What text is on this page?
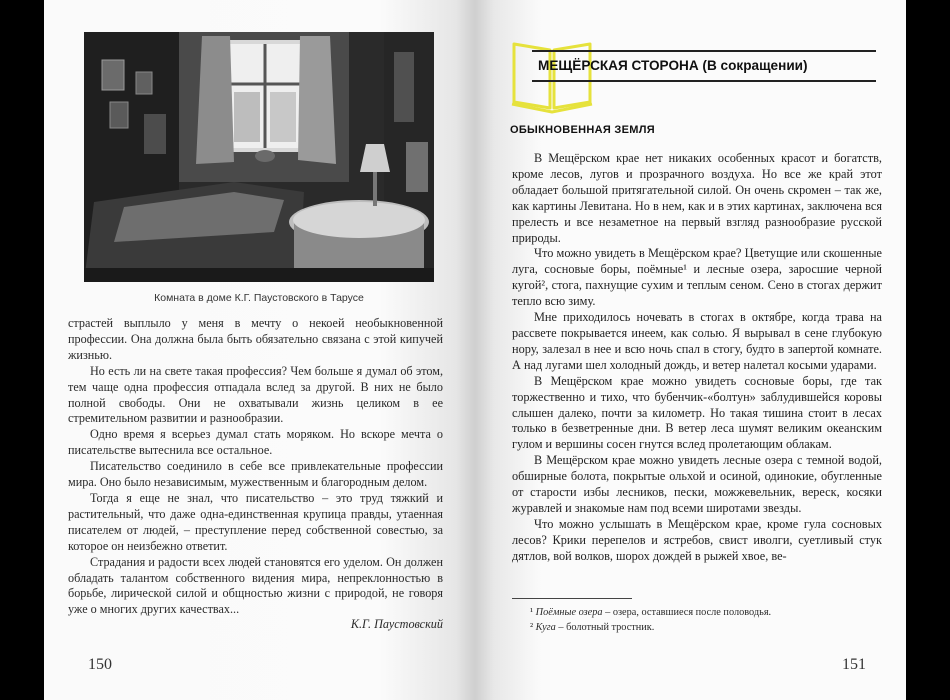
Комната в доме К.Г. Паустовского в Тарусе

страстей выплыло у меня в мечту о некоей необыкновенной профессии. Она должна была быть обязательно связана с этой кипучей жизнью.

Но есть ли на свете такая профессия? Чем больше я думал об этом, тем чаще одна профессия отпадала вслед за другой. В них не было полной свободы. Они не охватывали жизнь целиком в ее стремительном развитии и разнообразии.

Одно время я всерьез думал стать моряком. Но вскоре мечта о писательстве вытеснила все остальное.

Писательство соединило в себе все привлекательные профессии мира. Оно было независимым, мужественным и благородным делом.

Тогда я еще не знал, что писательство – это труд тяжкий и растительный, что даже одна-единственная крупица правды, утаенная писателем от людей, – преступление перед собственной совестью, за которое он неизбежно ответит.

Страдания и радости всех людей становятся его уделом. Он должен обладать талантом собственного видения мира, непреклонностью в борьбе, лирической силой и общностью жизни с природой, не говоря уже о многих других качествах...

К.Г. Паустовский
150
МЕЩЁРСКАЯ СТОРОНА (В сокращении)
ОБЫКНОВЕННАЯ ЗЕМЛЯ

В Мещёрском крае нет никаких особенных красот и богатств, кроме лесов, лугов и прозрачного воздуха. Но все же край этот обладает большой притягательной силой. Он очень скромен – так же, как картины Левитана. Но в нем, как и в этих картинах, заключена вся прелесть и все незаметное на первый взгляд разнообразие русской природы.

Что можно увидеть в Мещёрском крае? Цветущие или скошенные луга, сосновые боры, поёмные¹ и лесные озера, заросшие черной кугой², стога, пахнущие сухим и теплым сеном. Сено в стогах держит тепло всю зиму.

Мне приходилось ночевать в стогах в октябре, когда трава на рассвете покрывается инеем, как солью. Я вырывал в сене глубокую нору, залезал в нее и всю ночь спал в стогу, будто в запертой комнате. А над лугами шел холодный дождь, и ветер налетал косыми ударами.

В Мещёрском крае можно увидеть сосновые боры, где так торжественно и тихо, что бубенчик-«болтун» заблудившейся коровы слышен далеко, почти за километр. Но такая тишина стоит в лесах только в безветренные дни. В ветер леса шумят великим океанским гулом и вершины сосен гнутся вслед пролетающим облакам.

В Мещёрском крае можно увидеть лесные озера с темной водой, обширные болота, покрытые ольхой и осиной, одинокие, обугленные от старости избы лесников, пески, можжевельник, вереск, косяки журавлей и знакомые нам под всеми широтами звезды.

Что можно услышать в Мещёрском крае, кроме гула сосновых лесов? Крики перепелов и ястребов, свист иволги, суетливый стук дятлов, вой волков, шорох дождей в рыжей хвое, ве-

¹ Поёмные озера – озера, оставшиеся после половодья.
² Куга – болотный тростник.
151
